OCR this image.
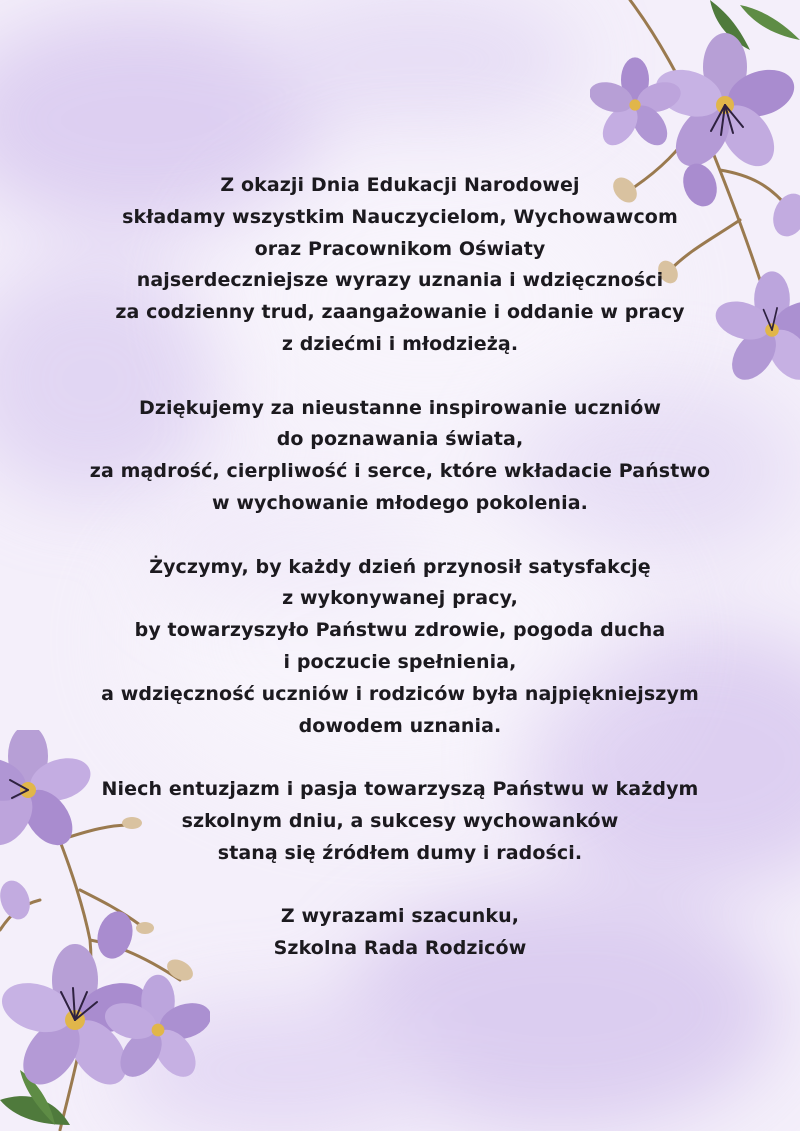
Z okazji Dnia Edukacji Narodowej
składamy wszystkim Nauczycielom, Wychowawcom
oraz Pracownikom Oświaty
najserdeczniejsze wyrazy uznania i wdzięczności
za codzienny trud, zaangażowanie i oddanie w pracy
z dziećmi i młodzieżą.
Dziękujemy za nieustanne inspirowanie uczniów
do poznawania świata,
za mądrość, cierpliwość i serce, które wkładacie Państwo
w wychowanie młodego pokolenia.
Życzymy, by każdy dzień przynosił satysfakcję
z wykonywanej pracy,
by towarzyszyło Państwu zdrowie, pogoda ducha
i poczucie spełnienia,
a wdzięczność uczniów i rodziców była najpiękniejszym
dowodem uznania.
Niech entuzjazm i pasja towarzyszą Państwu w każdym
szkolnym dniu, a sukcesy wychowanków
staną się źródłem dumy i radości.
Z wyrazami szacunku,
Szkolna Rada Rodziców
